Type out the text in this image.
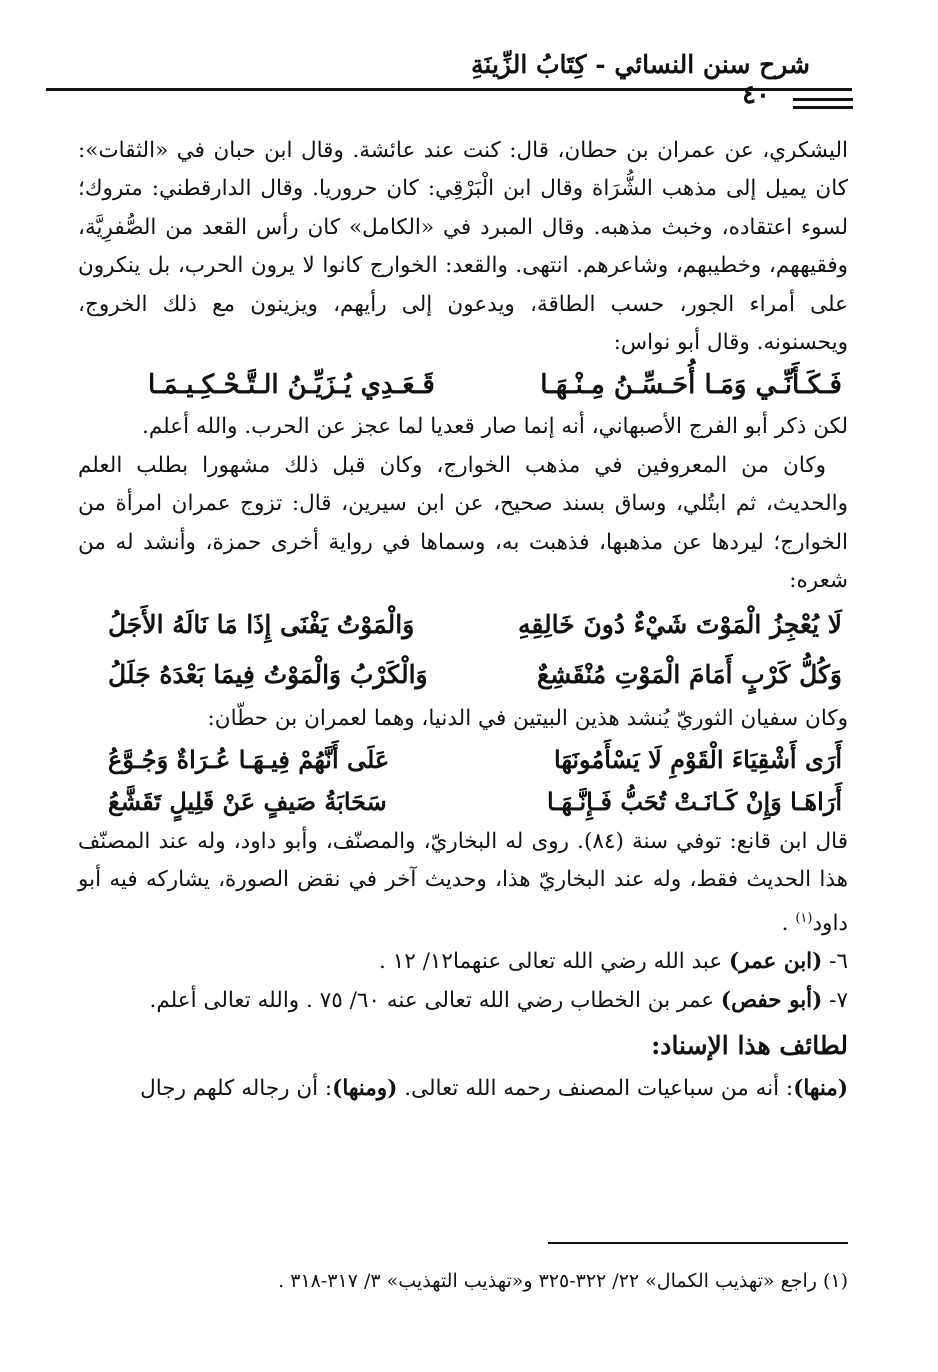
شرح سنن النسائي - كِتَابُ الزِّينَةِ
٤٠

اليشكري، عن عمران بن حطان، قال: كنت عند عائشة. وقال ابن حبان في «الثقات»: كان يميل إلى مذهب الشُّرَاة وقال ابن الْبَرْقِي: كان حروريا. وقال الدارقطني: متروك؛ لسوء اعتقاده، وخبث مذهبه. وقال المبرد في «الكامل» كان رأس القعد من الصُّفرِيَّة، وفقيههم، وخطيبهم، وشاعرهم. انتهى. والقعد: الخوارج كانوا لا يرون الحرب، بل ينكرون على أمراء الجور، حسب الطاقة، ويدعون إلى رأيهم، ويزينون مع ذلك الخروج، ويحسنونه. وقال أبو نواس:

فَـكَـأَنِّـي وَمَـا أُحَـسِّـنُ مِـنْـهَـا
قَـعَـدِي يُـزَيِّـنُ الـتَّـحْـكِـيـمَـا

لكن ذكر أبو الفرج الأصبهاني، أنه إنما صار قعديا لما عجز عن الحرب. والله أعلم.

وكان من المعروفين في مذهب الخوارج، وكان قبل ذلك مشهورا بطلب العلم والحديث، ثم ابتُلي، وساق بسند صحيح، عن ابن سيرين، قال: تزوج عمران امرأة من الخوارج؛ ليردها عن مذهبها، فذهبت به، وسماها في رواية أخرى حمزة، وأنشد له من شعره:

لَا يُعْجِزُ الْمَوْتَ شَيْءٌ دُونَ خَالِقِهِ
وَالْمَوْتُ يَفْنَى إِذَا مَا نَالَهُ الأَجَلُ
وَكُلُّ كَرْبٍ أَمَامَ الْمَوْتِ مُنْقَشِعٌ
وَالْكَرْبُ وَالْمَوْتُ فِيمَا بَعْدَهُ جَلَلُ

وكان سفيان الثوريّ يُنشد هذين البيتين في الدنيا، وهما لعمران بن حطّان:

أَرَى أَشْقِيَاءَ الْقَوْمِ لَا يَسْأَمُونَهَا
عَلَى أَنَّهُمْ فِيـهَـا عُـرَاةٌ وَجُـوَّعُ
أَرَاهَـا وَإِنْ كَـانَـتْ تُحَبُّ فَـإِنَّـهَـا
سَحَابَةُ صَيفٍ عَنْ قَلِيلٍ تَقَشَّعُ

قال ابن قانع: توفي سنة (٨٤). روى له البخاريّ، والمصنّف، وأبو داود، وله عند المصنّف هذا الحديث فقط، وله عند البخاريّ هذا، وحديث آخر في نقض الصورة، يشاركه فيه أبو داود$^{(١)}$ .

٦- (ابن عمر) عبد الله رضي الله تعالى عنهما١٢/ ١٢ .

٧- (أبو حفص) عمر بن الخطاب رضي الله تعالى عنه ٦٠/ ٧٥ . والله تعالى أعلم.

لطائف هذا الإسناد:

(منها): أنه من سباعيات المصنف رحمه الله تعالى. (ومنها): أن رجاله كلهم رجال

(١) راجع «تهذيب الكمال» ٢٢/ ٣٢٢-٣٢٥ و«تهذيب التهذيب» ٣/ ٣١٧-٣١٨ .
